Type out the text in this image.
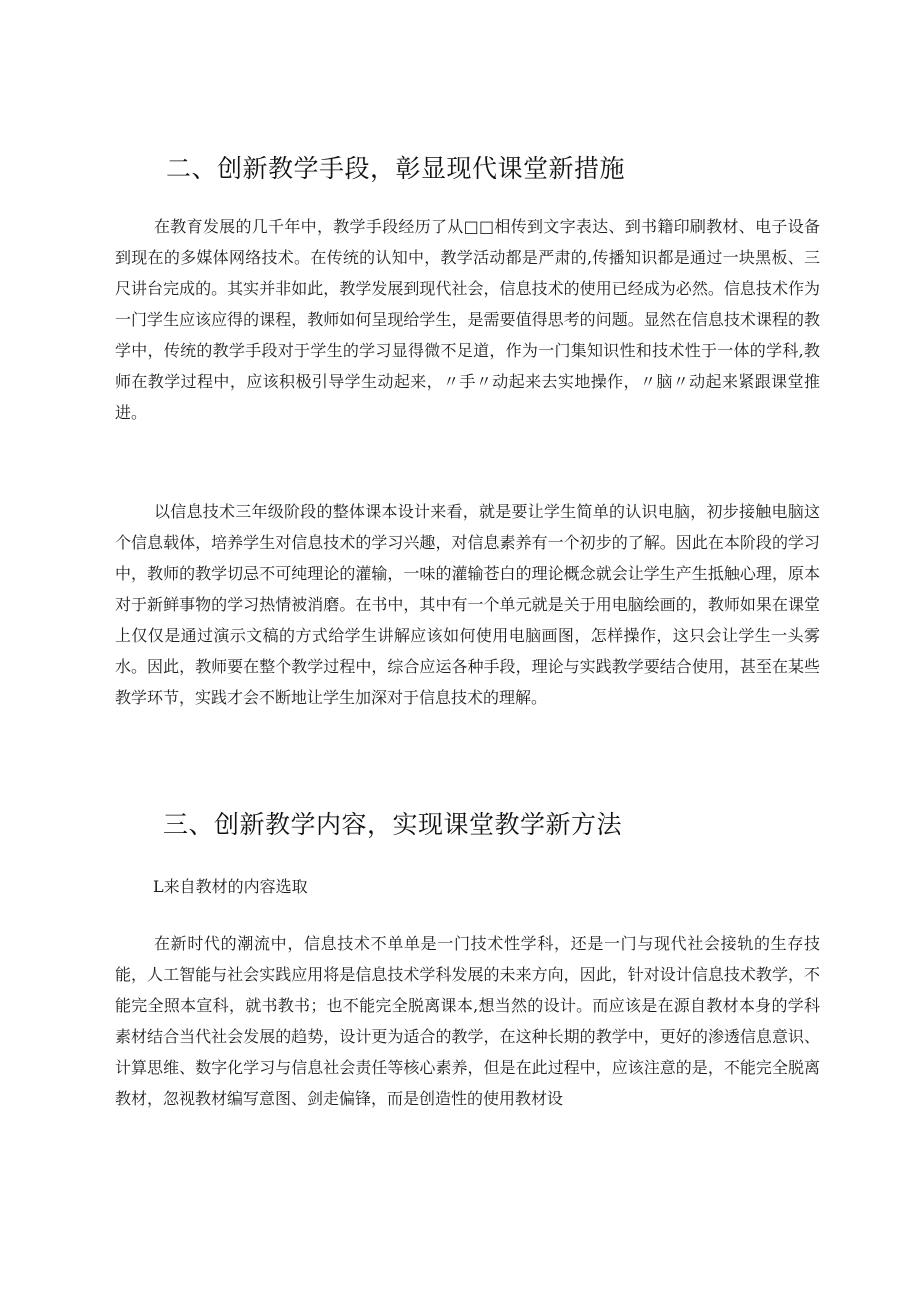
二、创新教学手段，彰显现代课堂新措施

在教育发展的几千年中，教学手段经历了从□□相传到文字表达、到书籍印刷教材、电子设备到现在的多媒体网络技术。在传统的认知中，教学活动都是严肃的,传播知识都是通过一块黑板、三尺讲台完成的。其实并非如此，教学发展到现代社会，信息技术的使用已经成为必然。信息技术作为一门学生应该应得的课程，教师如何呈现给学生，是需要值得思考的问题。显然在信息技术课程的教学中，传统的教学手段对于学生的学习显得微不足道，作为一门集知识性和技术性于一体的学科,教师在教学过程中，应该积极引导学生动起来，〃手〃动起来去实地操作，〃脑〃动起来紧跟课堂推进。

以信息技术三年级阶段的整体课本设计来看，就是要让学生简单的认识电脑，初步接触电脑这个信息载体，培养学生对信息技术的学习兴趣，对信息素养有一个初步的了解。因此在本阶段的学习中，教师的教学切忌不可纯理论的灌输，一味的灌输苍白的理论概念就会让学生产生抵触心理，原本对于新鲜事物的学习热情被消磨。在书中，其中有一个单元就是关于用电脑绘画的，教师如果在课堂上仅仅是通过演示文稿的方式给学生讲解应该如何使用电脑画图，怎样操作，这只会让学生一头雾水。因此，教师要在整个教学过程中，综合应运各种手段，理论与实践教学要结合使用，甚至在某些教学环节，实践才会不断地让学生加深对于信息技术的理解。

三、创新教学内容，实现课堂教学新方法

L来自教材的内容选取

在新时代的潮流中，信息技术不单单是一门技术性学科，还是一门与现代社会接轨的生存技能，人工智能与社会实践应用将是信息技术学科发展的未来方向，因此，针对设计信息技术教学，不能完全照本宣科，就书教书；也不能完全脱离课本,想当然的设计。而应该是在源自教材本身的学科素材结合当代社会发展的趋势，设计更为适合的教学，在这种长期的教学中，更好的渗透信息意识、计算思维、数字化学习与信息社会责任等核心素养，但是在此过程中，应该注意的是，不能完全脱离教材，忽视教材编写意图、剑走偏锋，而是创造性的使用教材设
